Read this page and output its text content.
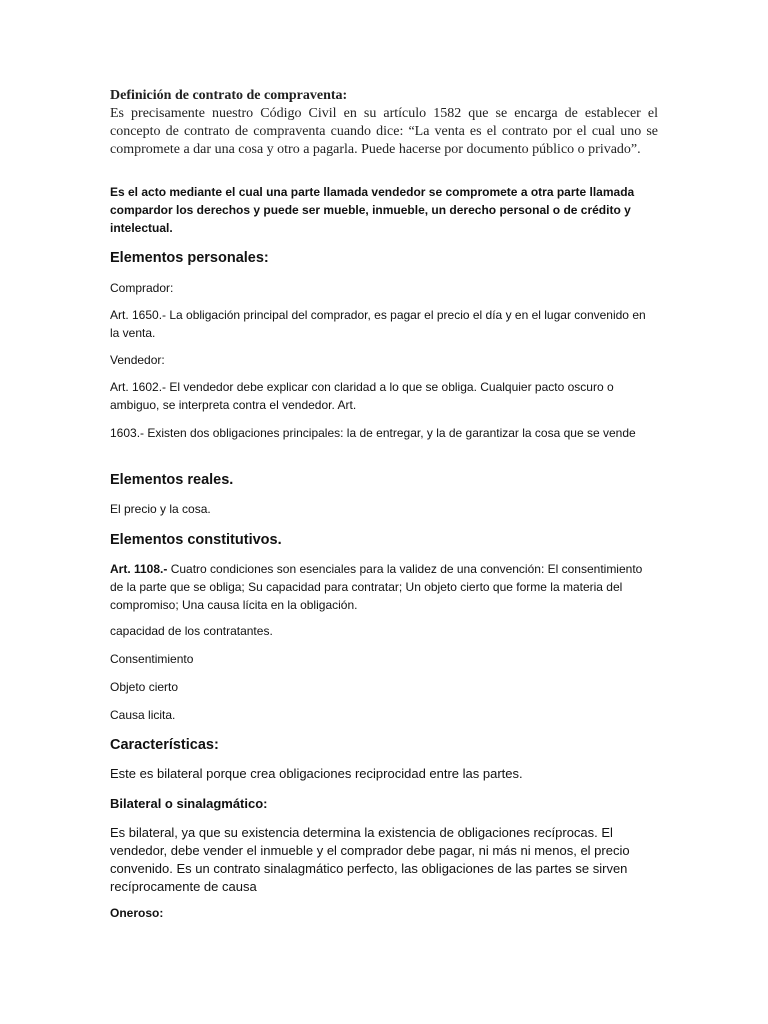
Definición de contrato de compraventa:

Es precisamente nuestro Código Civil en su artículo 1582 que se encarga de establecer el concepto de contrato de compraventa cuando dice: “La venta es el contrato por el cual uno se compromete a dar una cosa y otro a pagarla. Puede hacerse por documento público o privado”.

Es el acto mediante el cual una parte llamada vendedor se compromete a otra parte llamada compardor los derechos y puede ser mueble, inmueble, un derecho personal o de crédito y intelectual.

Elementos personales:

Comprador:

Art. 1650.- La obligación principal del comprador, es pagar el precio el día y en el lugar convenido en la venta.

Vendedor:

Art. 1602.- El vendedor debe explicar con claridad a lo que se obliga. Cualquier pacto oscuro o ambiguo, se interpreta contra el vendedor. Art.

1603.- Existen dos obligaciones principales: la de entregar, y la de garantizar la cosa que se vende

Elementos reales.

El precio y la cosa.

Elementos constitutivos.

Art. 1108.- Cuatro condiciones son esenciales para la validez de una convención: El consentimiento de la parte que se obliga; Su capacidad para contratar; Un objeto cierto que forme la materia del compromiso; Una causa lícita en la obligación.

capacidad de los contratantes.

Consentimiento

Objeto cierto

Causa licita.

Características:

Este es bilateral porque crea obligaciones reciprocidad entre las partes.

Bilateral o sinalagmático:

Es bilateral, ya que su existencia determina la existencia de obligaciones recíprocas. El vendedor, debe vender el inmueble y el comprador debe pagar, ni más ni menos, el precio convenido. Es un contrato sinalagmático perfecto, las obligaciones de las partes se sirven recíprocamente de causa

Oneroso:
